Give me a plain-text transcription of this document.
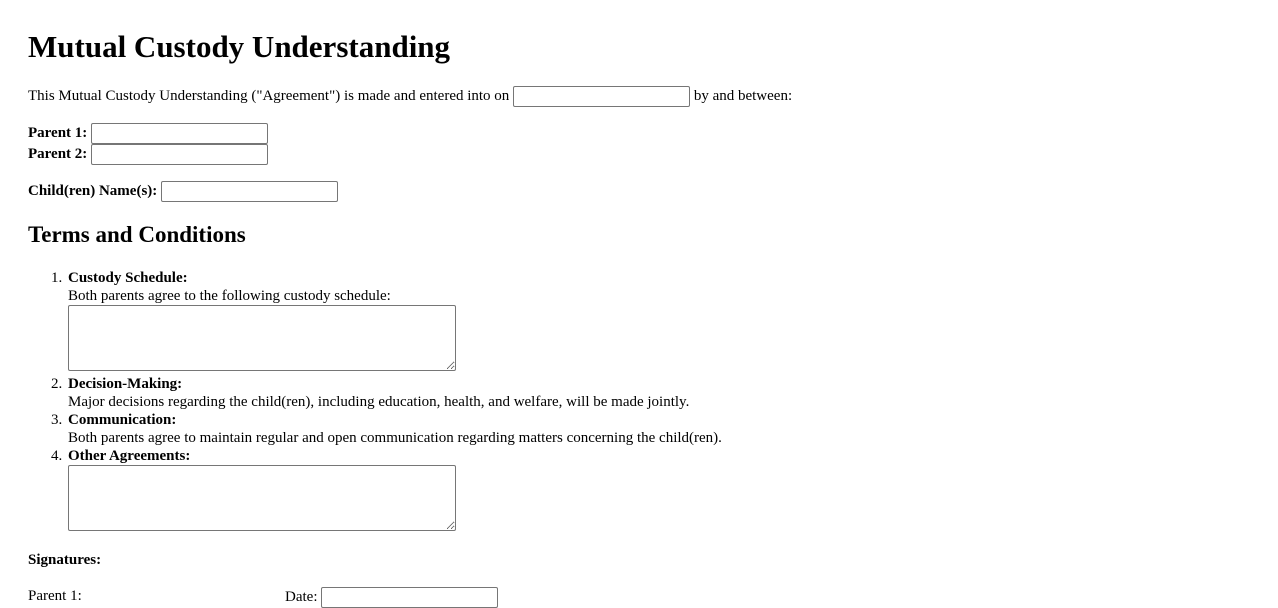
Mutual Custody Understanding
This Mutual Custody Understanding ("Agreement") is made and entered into on	by and between:
Parent 1:
Parent 2:
Child(ren) Name(s):
Terms and Conditions
1. Custody Schedule:
Both parents agree to the following custody schedule:
2. Decision-Making:
Major decisions regarding the child(ren), including education, health, and welfare, will be made jointly.
3. Communication:
Both parents agree to maintain regular and open communication regarding matters concerning the child(ren).
4. Other Agreements:
Signatures:
Parent 1:	Date:
